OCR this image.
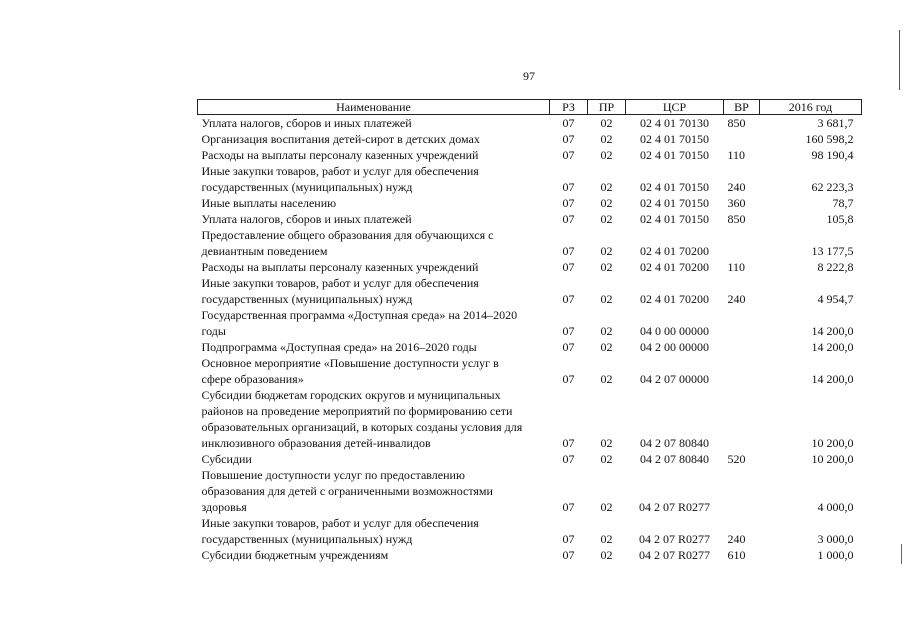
97
Наименование	РЗ	ПР	ЦСР	ВР	2016 год

Уплата налогов, сборов и иных платежей	07	02	02 4 01 70130	850	3 681,7

Организация воспитания детей-сирот в детских домах	07	02	02 4 01 70150		160 598,2

Расходы на выплаты персоналу казенных учреждений	07	02	02 4 01 70150	110	98 190,4

Иные закупки товаров, работ и услуг для обеспечения
государственных (муниципальных) нужд	07	02	02 4 01 70150	240	62 223,3

Иные выплаты населению	07	02	02 4 01 70150	360	78,7

Уплата налогов, сборов и иных платежей	07	02	02 4 01 70150	850	105,8

Предоставление общего образования для обучающихся с
девиантным поведением	07	02	02 4 01 70200		13 177,5

Расходы на выплаты персоналу казенных учреждений	07	02	02 4 01 70200	110	8 222,8

Иные закупки товаров, работ и услуг для обеспечения
государственных (муниципальных) нужд	07	02	02 4 01 70200	240	4 954,7

Государственная программа «Доступная среда» на 2014–2020
годы	07	02	04 0 00 00000		14 200,0

Подпрограмма «Доступная среда» на 2016–2020 годы	07	02	04 2 00 00000		14 200,0

Основное мероприятие «Повышение доступности услуг в
сфере образования»	07	02	04 2 07 00000		14 200,0

Субсидии бюджетам городских округов и муниципальных
районов на проведение мероприятий по формированию сети
образовательных организаций, в которых созданы условия для
инклюзивного образования детей-инвалидов	07	02	04 2 07 80840		10 200,0

Субсидии	07	02	04 2 07 80840	520	10 200,0

Повышение доступности услуг по предоставлению
образования для детей с ограниченными возможностями
здоровья	07	02	04 2 07 R0277		4 000,0

Иные закупки товаров, работ и услуг для обеспечения
государственных (муниципальных) нужд	07	02	04 2 07 R0277	240	3 000,0

Субсидии бюджетным учреждениям	07	02	04 2 07 R0277	610	1 000,0
